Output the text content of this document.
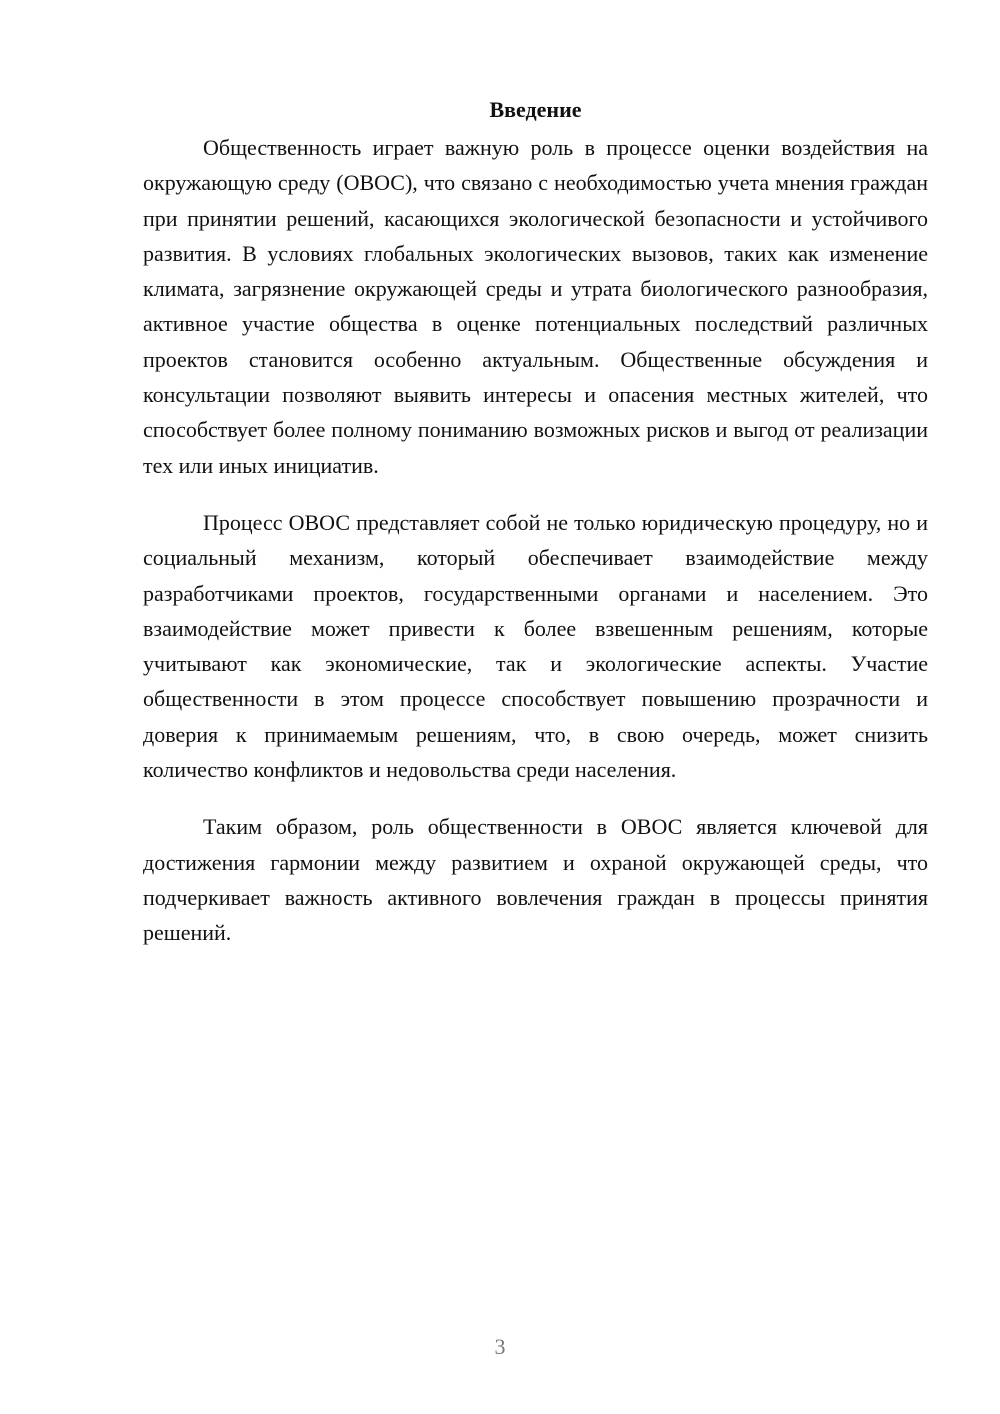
Введение

Общественность играет важную роль в процессе оценки воздействия на окружающую среду (ОВОС), что связано с необходимостью учета мнения граждан при принятии решений, касающихся экологической безопасности и устойчивого развития. В условиях глобальных экологических вызовов, таких как изменение климата, загрязнение окружающей среды и утрата биологического разнообразия, активное участие общества в оценке потенциальных последствий различных проектов становится особенно актуальным. Общественные обсуждения и консультации позволяют выявить интересы и опасения местных жителей, что способствует более полному пониманию возможных рисков и выгод от реализации тех или иных инициатив.

Процесс ОВОС представляет собой не только юридическую процедуру, но и социальный механизм, который обеспечивает взаимодействие между разработчиками проектов, государственными органами и населением. Это взаимодействие может привести к более взвешенным решениям, которые учитывают как экономические, так и экологические аспекты. Участие общественности в этом процессе способствует повышению прозрачности и доверия к принимаемым решениям, что, в свою очередь, может снизить количество конфликтов и недовольства среди населения.

Таким образом, роль общественности в ОВОС является ключевой для достижения гармонии между развитием и охраной окружающей среды, что подчеркивает важность активного вовлечения граждан в процессы принятия решений.

3
